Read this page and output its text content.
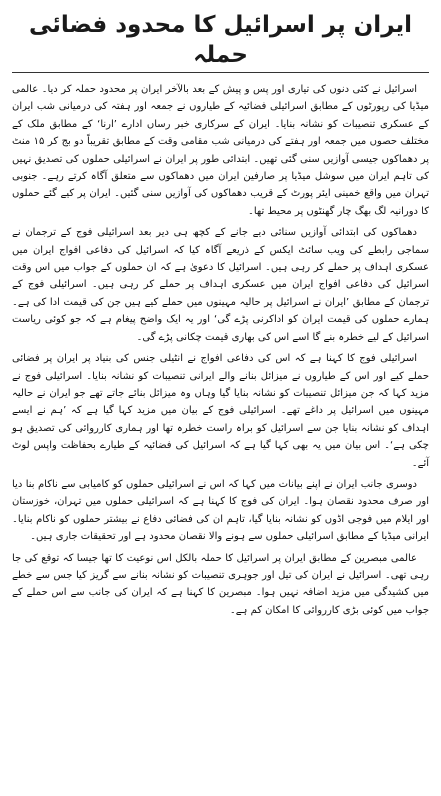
ایران پر اسرائیل کا محدود فضائی حملہ

اسرائیل نے کئی دنوں کی تیاری اور پس و پیش کے بعد بالآخر ایران پر محدود حملہ کر دیا۔ عالمی میڈیا کی رپورٹوں کے مطابق اسرائیلی فضائیہ کے طیاروں نے جمعہ اور ہفتہ کی درمیانی شب ایران کے عسکری تنصیبات کو نشانہ بنایا۔ ایران کے سرکاری خبر رساں ادارے ’ارنا‘ کے مطابق ملک کے مختلف حصوں میں جمعہ اور ہفتے کی درمیانی شب مقامی وقت کے مطابق تقریباً دو بج کر ۱۵ منٹ پر دھماکوں جیسی آوازیں سنی گئی تھیں۔ ابتدائی طور پر ایران نے اسرائیلی حملوں کی تصدیق نہیں کی تاہم ایران میں سوشل میڈیا پر صارفین ایران میں دھماکوں سے متعلق آگاہ کرتے رہے۔ جنوبی تہران میں واقع خمینی ایئر پورٹ کے قریب دھماکوں کی آوازیں سنی گئیں۔ ایران پر کیے گئے حملوں کا دورانیہ لگ بھگ چار گھنٹوں پر محیط تھا۔

دھماکوں کی ابتدائی آوازیں سنائی دیے جانے کے کچھ ہی دیر بعد اسرائیلی فوج کے ترجمان نے سماجی رابطے کی ویب سائٹ ایکس کے ذریعے آگاہ کیا کہ اسرائیل کی دفاعی افواج ایران میں عسکری اہداف پر حملے کر رہی ہیں۔ اسرائیل کا دعویٰ ہے کہ ان حملوں کے جواب میں اس وقت اسرائیل کی دفاعی افواج ایران میں عسکری اہداف پر حملے کر رہی ہیں۔ اسرائیلی فوج کے ترجمان کے مطابق ’ایران نے اسرائیل پر حالیہ مہینوں میں حملے کیے ہیں جن کی قیمت ادا کی ہے۔ ہمارے حملوں کی قیمت ایران کو اداکرنی پڑے گی‘ اور یہ ایک واضح پیغام ہے کہ جو کوئی ریاست اسرائیل کے لیے خطرہ بنے گا اسے اس کی بھاری قیمت چکانی پڑے گی۔

اسرائیلی فوج کا کہنا ہے کہ اس کی دفاعی افواج نے انٹیلی جنس کی بنیاد پر ایران پر فضائی حملے کیے اور اس کے طیاروں نے میزائل بنانے والے ایرانی تنصیبات کو نشانہ بنایا۔ اسرائیلی فوج نے مزید کہا کہ جن میزائل تنصیبات کو نشانہ بنایا گیا وہاں وہ میزائل بنائے جاتے تھے جو ایران نے حالیہ مہینوں میں اسرائیل پر داغے تھے۔ اسرائیلی فوج کے بیان میں مزید کہا گیا ہے کہ ’ہم نے ایسے اہداف کو نشانہ بنایا جن سے اسرائیل کو براہ راست خطرہ تھا اور ہماری کارروائی کی تصدیق ہو چکی ہے‘۔ اس بیان میں یہ بھی کہا گیا ہے کہ اسرائیل کی فضائیہ کے طیارے بحفاظت واپس لوٹ آئے۔

دوسری جانب ایران نے اپنے بیانات میں کہا کہ اس نے اسرائیلی حملوں کو کامیابی سے ناکام بنا دیا اور صرف محدود نقصان ہوا۔ ایران کی فوج کا کہنا ہے کہ اسرائیلی حملوں میں تہران، خوزستان اور ایلام میں فوجی اڈوں کو نشانہ بنایا گیا، تاہم ان کی فضائی دفاع نے بیشتر حملوں کو ناکام بنایا۔ ایرانی میڈیا کے مطابق اسرائیلی حملوں سے ہونے والا نقصان محدود ہے اور تحقیقات جاری ہیں۔

عالمی مبصرین کے مطابق ایران پر اسرائیل کا حملہ بالکل اس نوعیت کا تھا جیسا کہ توقع کی جا رہی تھی۔ اسرائیل نے ایران کی تیل اور جوہری تنصیبات کو نشانہ بنانے سے گریز کیا جس سے خطے میں کشیدگی میں مزید اضافہ نہیں ہوا۔ مبصرین کا کہنا ہے کہ ایران کی جانب سے اس حملے کے جواب میں کوئی بڑی کارروائی کا امکان کم ہے۔
